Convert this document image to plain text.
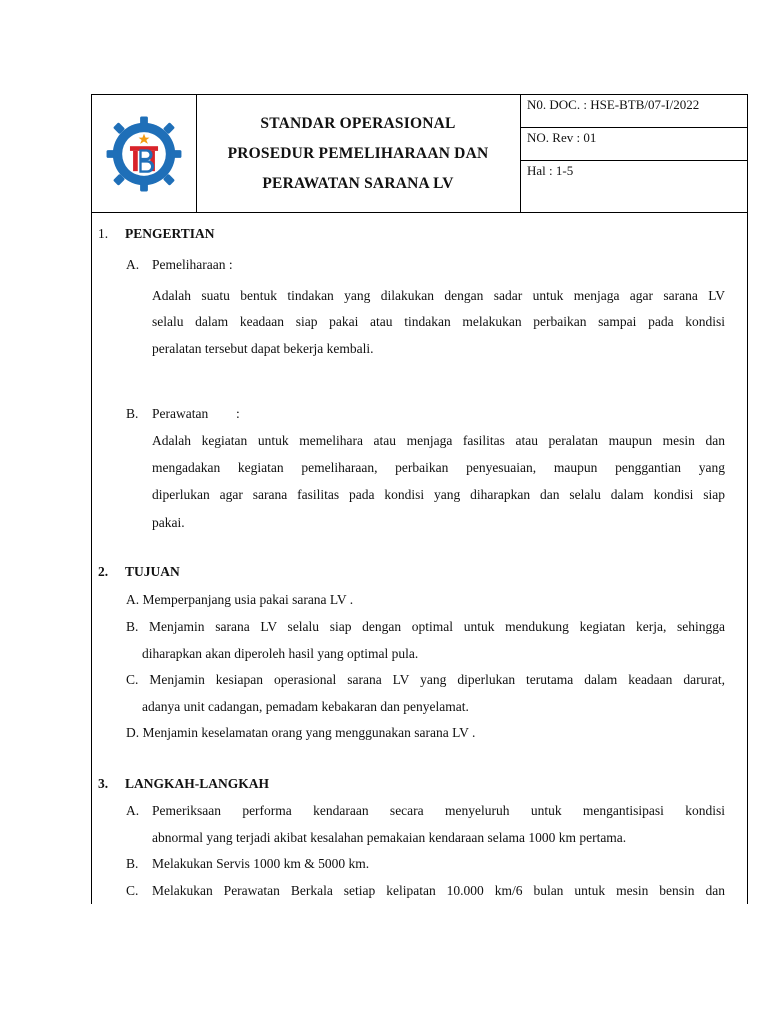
STANDAR OPERASIONAL
PROSEDUR PEMELIHARAAN DAN
PERAWATAN SARANA LV
N0. DOC. : HSE-BTB/07-I/2022
NO. Rev : 01
Hal : 1-5
1. PENGERTIAN
A. Pemeliharaan :
Adalah suatu bentuk tindakan yang dilakukan dengan sadar untuk menjaga agar sarana LV
selalu dalam keadaan siap pakai atau tindakan melakukan perbaikan sampai pada kondisi
peralatan tersebut dapat bekerja kembali.
B. Perawatan :
Adalah kegiatan untuk memelihara atau menjaga fasilitas atau peralatan maupun mesin dan
mengadakan kegiatan pemeliharaan, perbaikan penyesuaian, maupun penggantian yang
diperlukan agar sarana fasilitas pada kondisi yang diharapkan dan selalu dalam kondisi siap
pakai.
2. TUJUAN
A. Memperpanjang usia pakai sarana LV .
B. Menjamin sarana LV selalu siap dengan optimal untuk mendukung kegiatan kerja, sehingga
diharapkan akan diperoleh hasil yang optimal pula.
C. Menjamin kesiapan operasional sarana LV yang diperlukan terutama dalam keadaan darurat,
adanya unit cadangan, pemadam kebakaran dan penyelamat.
D. Menjamin keselamatan orang yang menggunakan sarana LV .
3. LANGKAH-LANGKAH
A. Pemeriksaan performa kendaraan secara menyeluruh untuk mengantisipasi kondisi
abnormal yang terjadi akibat kesalahan pemakaian kendaraan selama 1000 km pertama.
B. Melakukan Servis 1000 km & 5000 km.
C. Melakukan Perawatan Berkala setiap kelipatan 10.000 km/6 bulan untuk mesin bensin dan
